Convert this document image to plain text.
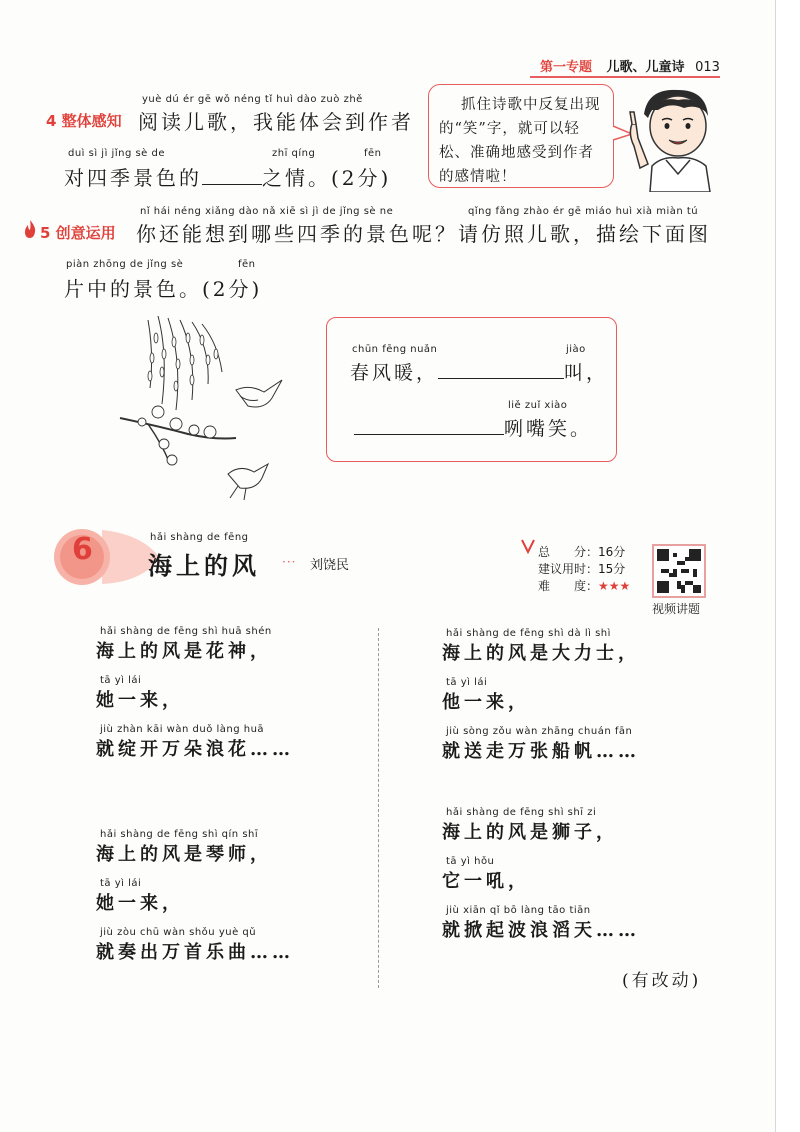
第一专题 儿歌、儿童诗 013
yuè dú ér gē wǒ néng tǐ huì dào zuò zhě
4 整体感知 阅读儿歌，我能体会到作者
duì sì jì jǐng sè de	zhī qíng	fēn
对四季景色的	之情。(2分)
抓住诗歌中反复出现的“笑”字，就可以轻松、准确地感受到作者的感情啦！
nǐ hái néng xiǎng dào nǎ xiē sì jì de jǐng sè ne	qǐng fǎng zhào ér gē miáo huì xià miàn tú
5 创意运用 你还能想到哪些四季的景色呢？请仿照儿歌，描绘下面图
piàn zhōng de jǐng sè	fēn
片中的景色。(2分)
chūn fēng nuǎn	jiào
春风暖，	叫，
liě zuǐ xiào
咧嘴笑。
6	hǎi shàng de fēng
海上的风 ··· 刘饶民
总　　分：16分
建议用时：15分
难　　度：★★★
视频讲题
hǎi shàng de fēng shì huā shén
海上的风是花神，
tā yì lái
她一来，
jiù zhàn kāi wàn duǒ làng huā
就绽开万朵浪花……
hǎi shàng de fēng shì qín shī
海上的风是琴师，
tā yì lái
她一来，
jiù zòu chū wàn shǒu yuè qǔ
就奏出万首乐曲……
hǎi shàng de fēng shì dà lì shì
海上的风是大力士，
tā yì lái
他一来，
jiù sòng zǒu wàn zhāng chuán fān
就送走万张船帆……
hǎi shàng de fēng shì shī zi
海上的风是狮子，
tā yì hǒu
它一吼，
jiù xiān qǐ bō làng tāo tiān
就掀起波浪滔天……
(有改动)
